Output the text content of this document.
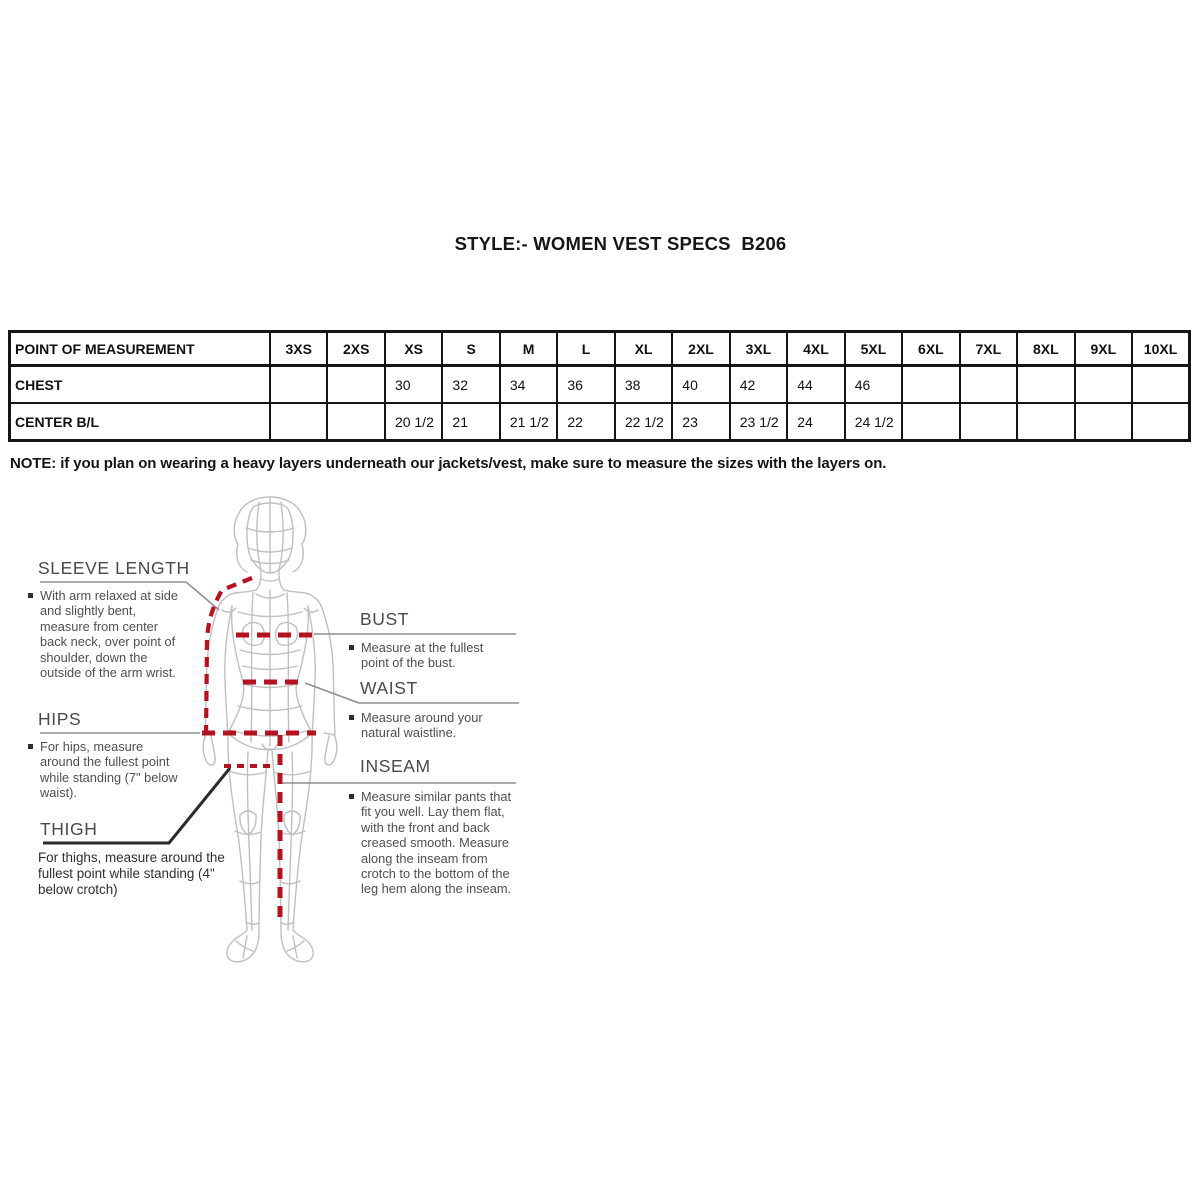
STYLE:- WOMEN VEST SPECS  B206
POINT OF MEASUREMENT	3XS	2XS	XS	S	M	L	XL	2XL	3XL	4XL	5XL	6XL	7XL	8XL	9XL	10XL
CHEST			30	32	34	36	38	40	42	44	46					
CENTER B/L			20 1/2	21	21 1/2	22	22 1/2	23	23 1/2	24	24 1/2					
NOTE: if you plan on wearing a heavy layers underneath our jackets/vest, make sure to measure the sizes with the layers on.
SLEEVE LENGTH
With arm relaxed at side and slightly bent, measure from center back neck, over point of shoulder, down the outside of the arm wrist.
HIPS
For hips, measure around the fullest point while standing (7" below waist).
THIGH
For thighs, measure around the fullest point while standing (4" below crotch)
BUST
Measure at the fullest point of the bust.
WAIST
Measure around your natural waistline.
INSEAM
Measure similar pants that fit you well. Lay them flat, with the front and back creased smooth. Measure along the inseam from crotch to the bottom of the leg hem along the inseam.
